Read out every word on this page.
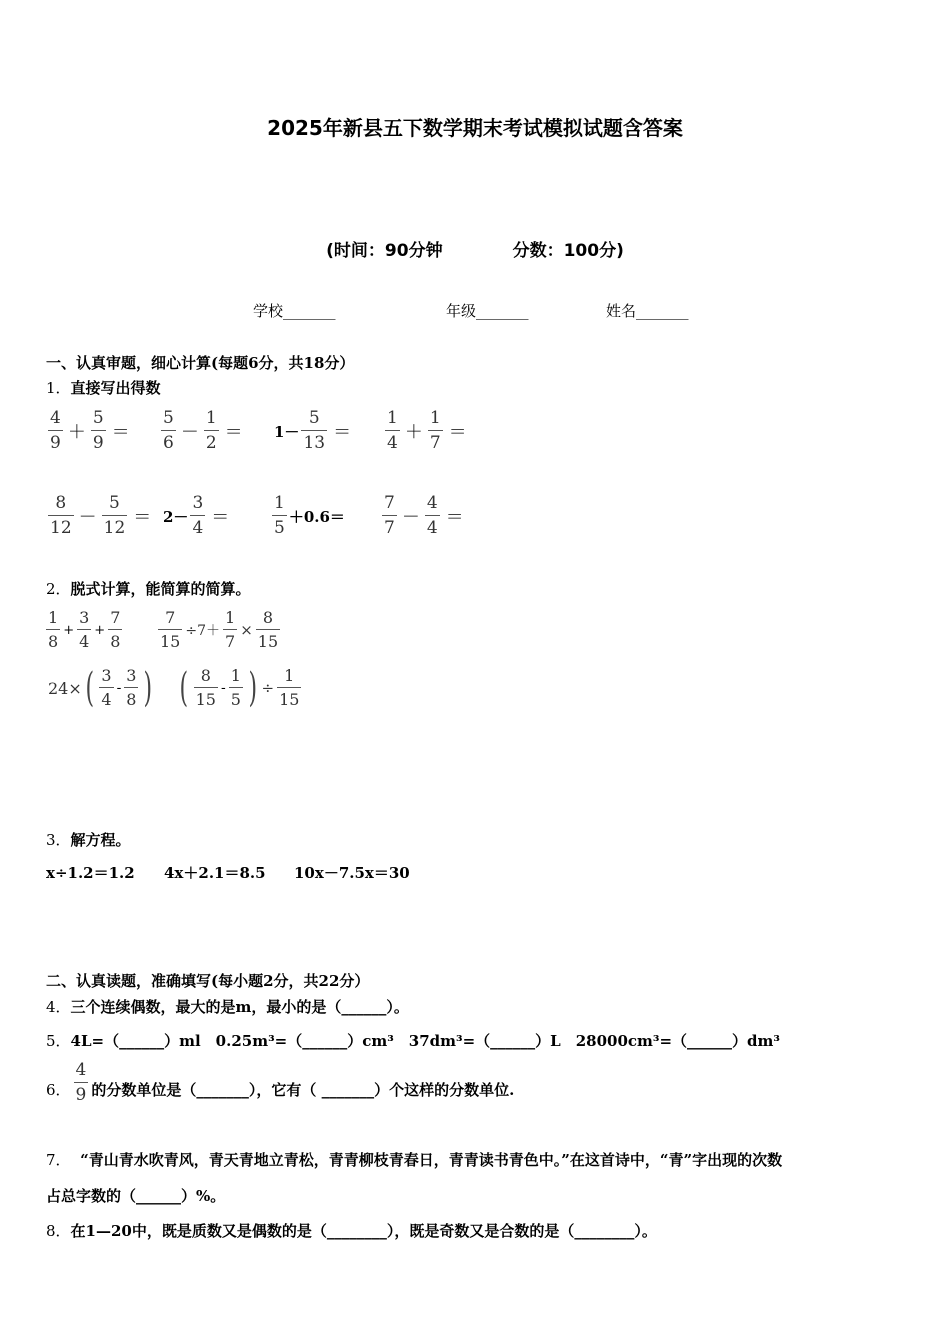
2025年新县五下数学期末考试模拟试题含答案
(时间：90分钟	分数：100分)
学校_______	年级_______	姓名_______
一、认真审题，细心计算(每题6分，共18分）
1．直接写出得数
$\frac{4}{9} + \frac{5}{9} = \frac{5}{6} - \frac{1}{2} = 1- \frac{5}{13} = \frac{1}{4} + \frac{1}{7}$ ＝
$\frac{8}{12} - \frac{5}{12} = 2- \frac{3}{4}$ ＝	$\frac{1}{5} +0.6= \frac{7}{7} - \frac{4}{4}$ ＝
2．脱式计算，能简算的简算。
$\frac{1}{8} + \frac{3}{4} + \frac{7}{8} \frac{7}{15} \div 7+ \frac{1}{7} \times \frac{8}{15}$
24× ( $\frac{3}{4} - \frac{3}{8}$ ) ( $\frac{8}{15} - \frac{1}{5}$ ) ÷ $\frac{1}{15}$
3．解方程。
x÷1.2＝1.2 4x＋2.1＝8.5 10x－7.5x＝30
二、认真读题，准确填写(每小题2分，共22分）
4．三个连续偶数，最大的是m，最小的是（______）。
5．4L=（______）ml　0.25m³=（______）cm³　37dm³=（______）L　28000cm³=（______）dm³
6． $\frac{4}{9}$ 的分数单位是（_______），它有（ _______）个这样的分数单位.
7． “青山青水吹青风，青天青地立青松，青青柳枝青春日，青青读书青色中。”在这首诗中，“青”字出现的次数
占总字数的（______）%。
8．在1—20中，既是质数又是偶数的是（________），既是奇数又是合数的是（________）。
